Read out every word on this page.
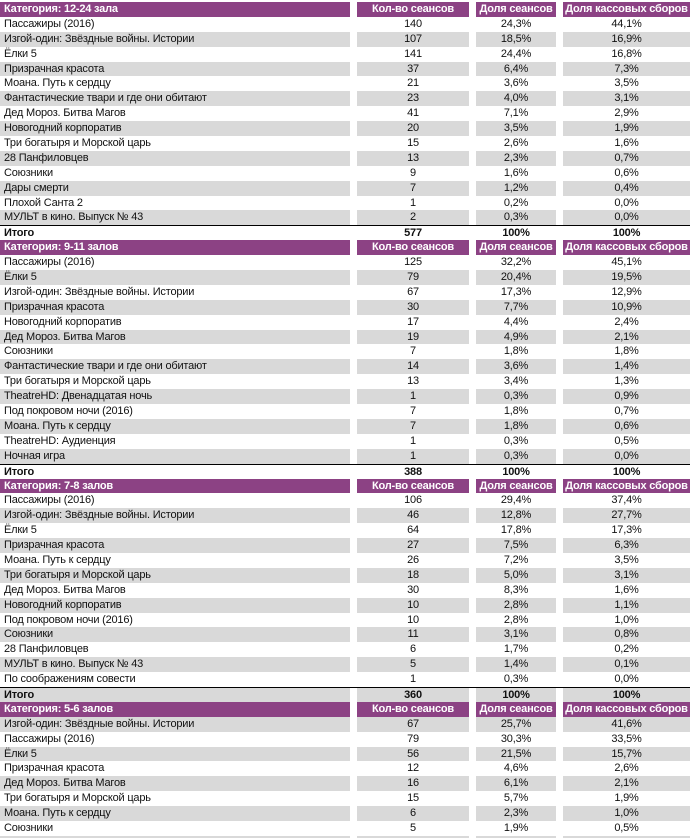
Категория: 12-24 зала	Кол-во сеансов	Доля сеансов	Доля кассовых сборов
Пассажиры (2016)	140	24,3%	44,1%
Изгой-один: Звёздные войны. Истории	107	18,5%	16,9%
Ёлки 5	141	24,4%	16,8%
Призрачная красота	37	6,4%	7,3%
Моана. Путь к сердцу	21	3,6%	3,5%
Фантастические твари и где они обитают	23	4,0%	3,1%
Дед Мороз. Битва Магов	41	7,1%	2,9%
Новогодний корпоратив	20	3,5%	1,9%
Три богатыря и Морской царь	15	2,6%	1,6%
28 Панфиловцев	13	2,3%	0,7%
Союзники	9	1,6%	0,6%
Дары смерти	7	1,2%	0,4%
Плохой Санта 2	1	0,2%	0,0%
МУЛЬТ в кино. Выпуск № 43	2	0,3%	0,0%
Итого	577	100%	100%
Категория: 9-11 залов	Кол-во сеансов	Доля сеансов	Доля кассовых сборов
Пассажиры (2016)	125	32,2%	45,1%
Ёлки 5	79	20,4%	19,5%
Изгой-один: Звёздные войны. Истории	67	17,3%	12,9%
Призрачная красота	30	7,7%	10,9%
Новогодний корпоратив	17	4,4%	2,4%
Дед Мороз. Битва Магов	19	4,9%	2,1%
Союзники	7	1,8%	1,8%
Фантастические твари и где они обитают	14	3,6%	1,4%
Три богатыря и Морской царь	13	3,4%	1,3%
TheatreHD: Двенадцатая ночь	1	0,3%	0,9%
Под покровом ночи (2016)	7	1,8%	0,7%
Моана. Путь к сердцу	7	1,8%	0,6%
TheatreHD: Аудиенция	1	0,3%	0,5%
Ночная игра	1	0,3%	0,0%
Итого	388	100%	100%
Категория: 7-8 залов	Кол-во сеансов	Доля сеансов	Доля кассовых сборов
Пассажиры (2016)	106	29,4%	37,4%
Изгой-один: Звёздные войны. Истории	46	12,8%	27,7%
Ёлки 5	64	17,8%	17,3%
Призрачная красота	27	7,5%	6,3%
Моана. Путь к сердцу	26	7,2%	3,5%
Три богатыря и Морской царь	18	5,0%	3,1%
Дед Мороз. Битва Магов	30	8,3%	1,6%
Новогодний корпоратив	10	2,8%	1,1%
Под покровом ночи (2016)	10	2,8%	1,0%
Союзники	11	3,1%	0,8%
28 Панфиловцев	6	1,7%	0,2%
МУЛЬТ в кино. Выпуск № 43	5	1,4%	0,1%
По соображениям совести	1	0,3%	0,0%
Итого	360	100%	100%
Категория: 5-6 залов	Кол-во сеансов	Доля сеансов	Доля кассовых сборов
Изгой-один: Звёздные войны. Истории	67	25,7%	41,6%
Пассажиры (2016)	79	30,3%	33,5%
Ёлки 5	56	21,5%	15,7%
Призрачная красота	12	4,6%	2,6%
Дед Мороз. Битва Магов	16	6,1%	2,1%
Три богатыря и Морской царь	15	5,7%	1,9%
Моана. Путь к сердцу	6	2,3%	1,0%
Союзники	5	1,9%	0,5%
